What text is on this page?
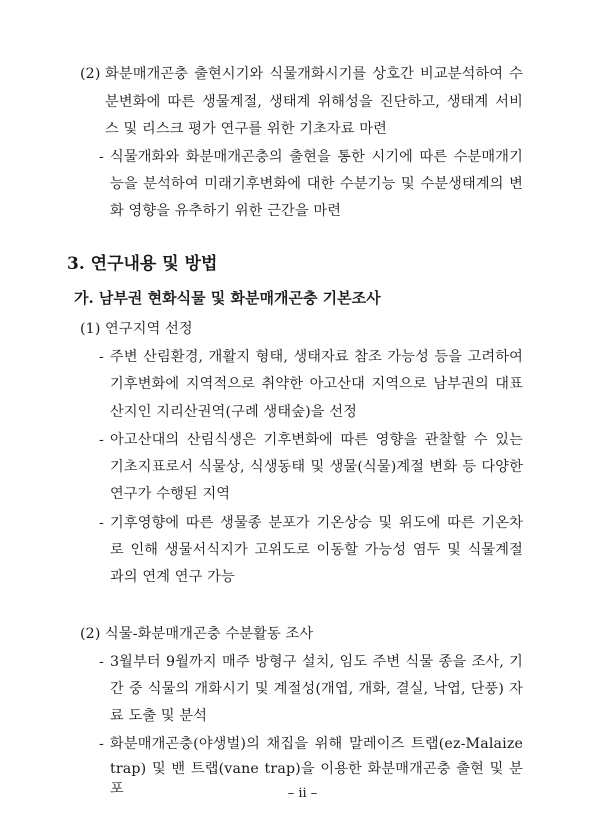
(2) 화분매개곤충 출현시기와 식물개화시기를 상호간 비교분석하여 수
분변화에 따른 생물계절, 생태계 위해성을 진단하고, 생태계 서비
스 및 리스크 평가 연구를 위한 기초자료 마련
- 식물개화와 화분매개곤충의 출현을 통한 시기에 따른 수분매개기
능을 분석하여 미래기후변화에 대한 수분기능 및 수분생태계의 변
화 영향을 유추하기 위한 근간을 마련
3. 연구내용 및 방법
가. 남부권 현화식물 및 화분매개곤충 기본조사
(1) 연구지역 선정
- 주변 산림환경, 개활지 형태, 생태자료 참조 가능성 등을 고려하여
기후변화에 지역적으로 취약한 아고산대 지역으로 남부권의 대표
산지인 지리산권역(구례 생태숲)을 선정
- 아고산대의 산림식생은 기후변화에 따른 영향을 관찰할 수 있는
기초지표로서 식물상, 식생동태 및 생물(식물)계절 변화 등 다양한
연구가 수행된 지역
- 기후영향에 따른 생물종 분포가 기온상승 및 위도에 따른 기온차
로 인해 생물서식지가 고위도로 이동할 가능성 염두 및 식물계절
과의 연계 연구 가능
(2) 식물-화분매개곤충 수분활동 조사
- 3월부터 9월까지 매주 방형구 설치, 임도 주변 식물 종을 조사, 기
간 중 식물의 개화시기 및 계절성(개엽, 개화, 결실, 낙엽, 단풍) 자
료 도출 및 분석
- 화분매개곤충(야생벌)의 채집을 위해 말레이즈 트랩(ez-Malaize
trap) 및 밴 트랩(vane trap)을 이용한 화분매개곤충 출현 및 분포	– ii –
